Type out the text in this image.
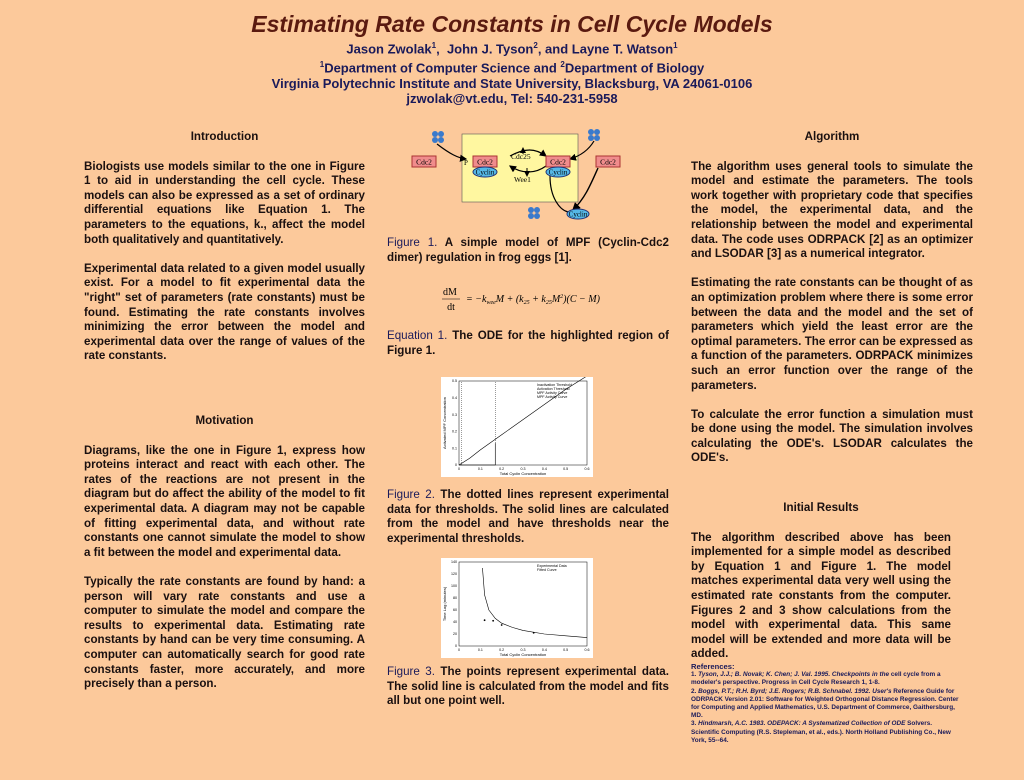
Estimating Rate Constants in Cell Cycle Models
Jason Zwolak$^1$,  John J. Tyson$^2$, and Layne T. Watson$^1$
$^1$Department of Computer Science and $^2$Department of Biology
Virginia Polytechnic Institute and State University, Blacksburg, VA 24061-0106
jzwolak@vt.edu, Tel: 540-231-5958
Introduction

Biologists use models similar to the one in Figure 1 to aid in understanding the cell cycle. These models can also be expressed as a set of ordinary differential equations like Equation 1. The parameters to the equations, k., affect the model both qualitatively and quantitatively.

Experimental data related to a given model usually exist. For a model to fit experimental data the "right" set of parameters (rate constants) must be found. Estimating the rate constants involves minimizing the error between the model and experimental data over the range of values of the rate constants.

Motivation

Diagrams, like the one in Figure 1, express how proteins interact and react with each other. The rates of the reactions are not present in the diagram but do affect the ability of the model to fit experimental data. A diagram may not be capable of fitting experimental data, and without rate constants one cannot simulate the model to show a fit between the model and experimental data.

Typically the rate constants are found by hand: a person will vary rate constants and use a computer to simulate the model and compare the results to experimental data. Estimating rate constants by hand can be very time consuming. A computer can automatically search for good rate constants faster, more accurately, and more precisely than a person.

Cdc2	P Cdc2
Cyclin
Cdc25
Wee1
Cdc2
Cyclin
Cdc2
Cyclin
Figure 1. A simple model of MPF (Cyclin-Cdc2 dimer) regulation in frog eggs [1].
dM
dt
= $-k_{wee}M + (k_{25} + k_{25}M^2)(C - M)$
Equation 1. The ODE for the highlighted region of Figure 1.
0
0.1
0.2
0.3
0.4
0.5
0	0.1	0.2	0.3	0.4	0.5	0.6
Inactivation Threshold
Activation Threshold
MPF Activity Curve
MPF Activity Curve
Total Cyclin Concentration
Activated MPF Concentration
Figure 2. The dotted lines represent experimental data for thresholds. The solid lines are calculated from the model and have thresholds near the experimental thresholds.
0
20
40
60
80
100
120
140
0	0.1	0.2	0.3	0.4	0.5	0.6
Experimental Data
Fitted Curve
Total Cyclin Concentration
Time Lag (minutes)
Figure 3. The points represent experimental data. The solid line is calculated from the model and fits all but one point well.
Algorithm

The algorithm uses general tools to simulate the model and estimate the parameters. The tools work together with proprietary code that specifies the model, the experimental data, and the relationship between the model and experimental data. The code uses ODRPACK [2] as an optimizer and LSODAR [3] as a numerical integrator.

Estimating the rate constants can be thought of as an optimization problem where there is some error between the data and the model and the set of parameters which yield the least error are the optimal parameters. The error can be expressed as a function of the parameters. ODRPACK minimizes such an error function over the range of the parameters.

To calculate the error function a simulation must be done using the model. The simulation involves calculating the ODE's. LSODAR calculates the ODE's.

Initial Results

The algorithm described above has been implemented for a simple model as described by Equation 1 and Figure 1. The model matches experimental data very well using the estimated rate constants from the computer. Figures 2 and 3 show calculations from the model with experimental data. This same model will be extended and more data will be added.

References:
1. Tyson, J.J.; B. Novak; K. Chen; J. Val. 1995. Checkpoints in the cell cycle from a modeler's perspective. Progress in Cell Cycle Research 1, 1-8.
2. Boggs, P.T.; R.H. Byrd; J.E. Rogers; R.B. Schnabel. 1992. User's Reference Guide for ODRPACK Version 2.01: Software for Weighted Orthogonal Distance Regression. Center for Computing and Applied Mathematics, U.S. Department of Commerce, Gaithersburg, MD.
3. Hindmarsh, A.C. 1983. ODEPACK: A Systematized Collection of ODE Solvers. Scientific Computing (R.S. Stepleman, et al., eds.). North Holland Publishing Co., New York, 55--64.
